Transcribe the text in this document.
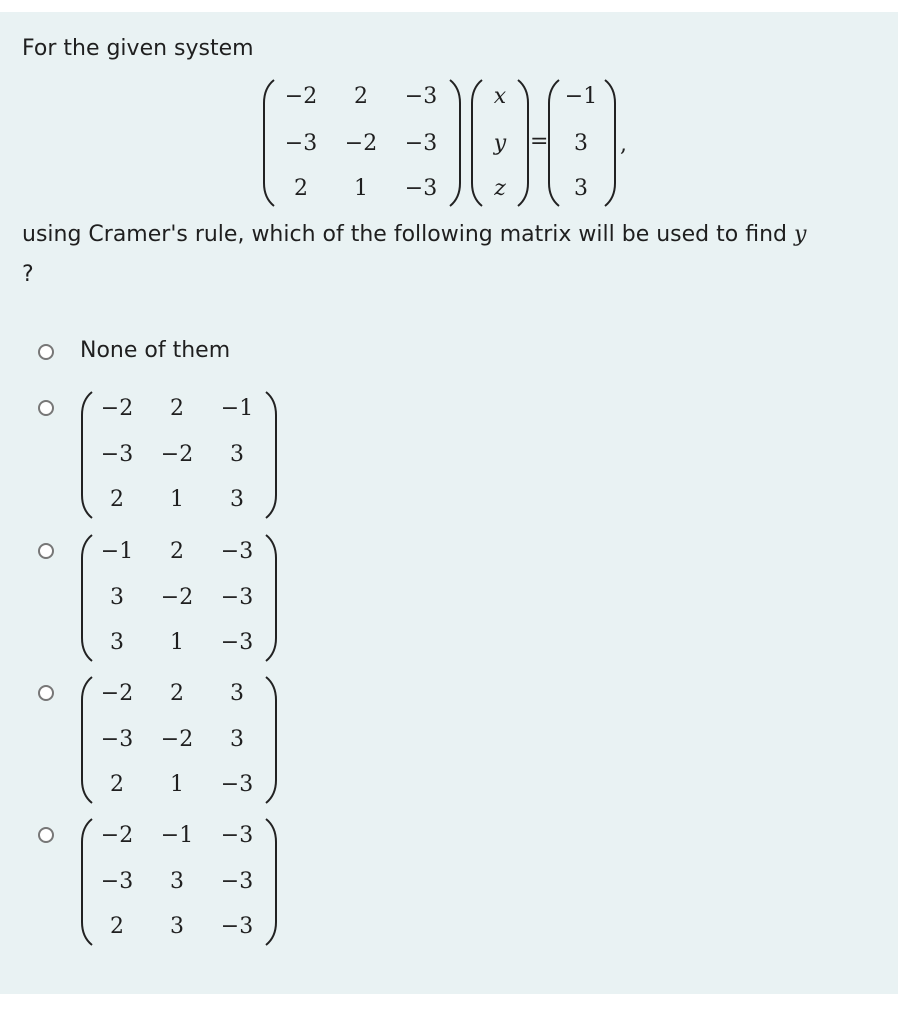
For the given system
−2	2	−3
−3	−2	−3
2	1	−3
x
y
z
=
−1
3
3
,
using Cramer's rule, which of the following matrix will be used to find y
?
None of them
−2	2	−1
−3	−2	3
2	1	3
−1	2	−3
3	−2	−3
3	1	−3
−2	2	3
−3	−2	3
2	1	−3
−2	−1	−3
−3	3	−3
2	3	−3
